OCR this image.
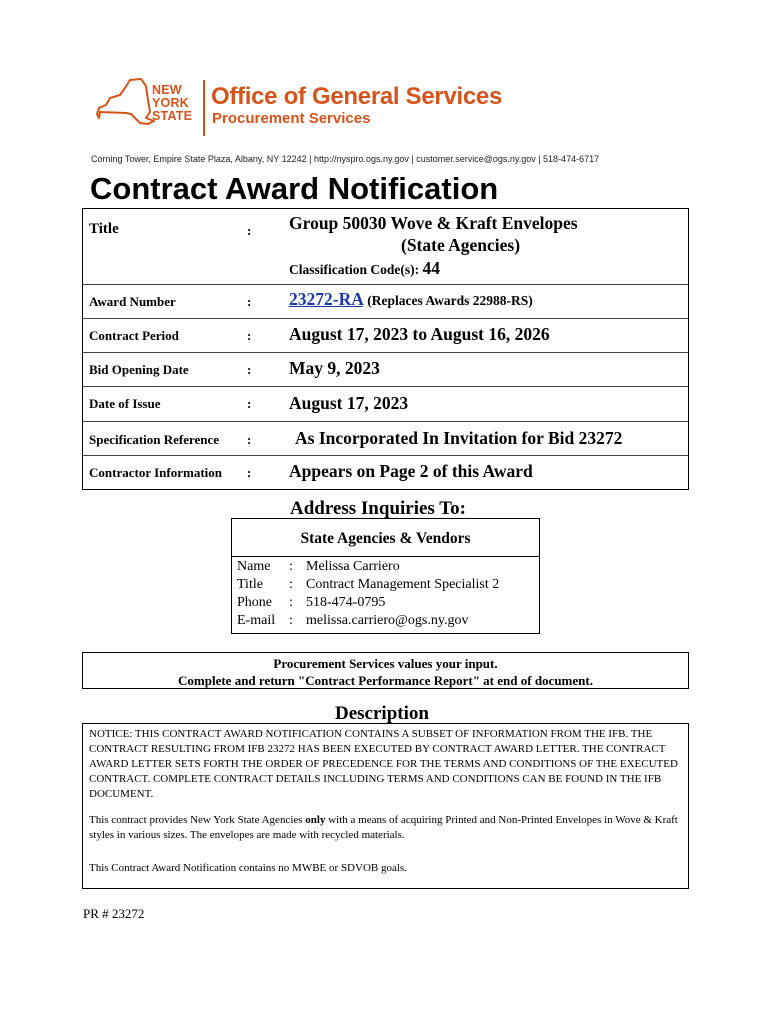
NEW
YORK
STATE
Office of General Services
Procurement Services
Corning Tower, Empire State Plaza, Albany, NY 12242 | http://nyspro.ogs.ny.gov | customer.service@ogs.ny.gov | 518-474-6717
Contract Award Notification
Title	: Group 50030 Wove & Kraft Envelopes
(State Agencies)
Classification Code(s): 44
Award Number	: 23272-RA (Replaces Awards 22988-RS)
Contract Period	: August 17, 2023 to August 16, 2026
Bid Opening Date	: May 9, 2023
Date of Issue	: August 17, 2023
Specification Reference : As Incorporated In Invitation for Bid 23272
Contractor Information : Appears on Page 2 of this Award
Address Inquiries To:
State Agencies & Vendors
Name : Melissa Carriero
Title : Contract Management Specialist 2
Phone : 518-474-0795
E-mail : melissa.carriero@ogs.ny.gov
Procurement Services values your input.
Complete and return "Contract Performance Report" at end of document.
Description

NOTICE: THIS CONTRACT AWARD NOTIFICATION CONTAINS A SUBSET OF INFORMATION FROM THE IFB. THE CONTRACT RESULTING FROM IFB 23272 HAS BEEN EXECUTED BY CONTRACT AWARD LETTER. THE CONTRACT AWARD LETTER SETS FORTH THE ORDER OF PRECEDENCE FOR THE TERMS AND CONDITIONS OF THE EXECUTED CONTRACT. COMPLETE CONTRACT DETAILS INCLUDING TERMS AND CONDITIONS CAN BE FOUND IN THE IFB DOCUMENT.

This contract provides New York State Agencies only with a means of acquiring Printed and Non-Printed Envelopes in Wove & Kraft styles in various sizes. The envelopes are made with recycled materials.

This Contract Award Notification contains no MWBE or SDVOB goals.

PR # 23272
